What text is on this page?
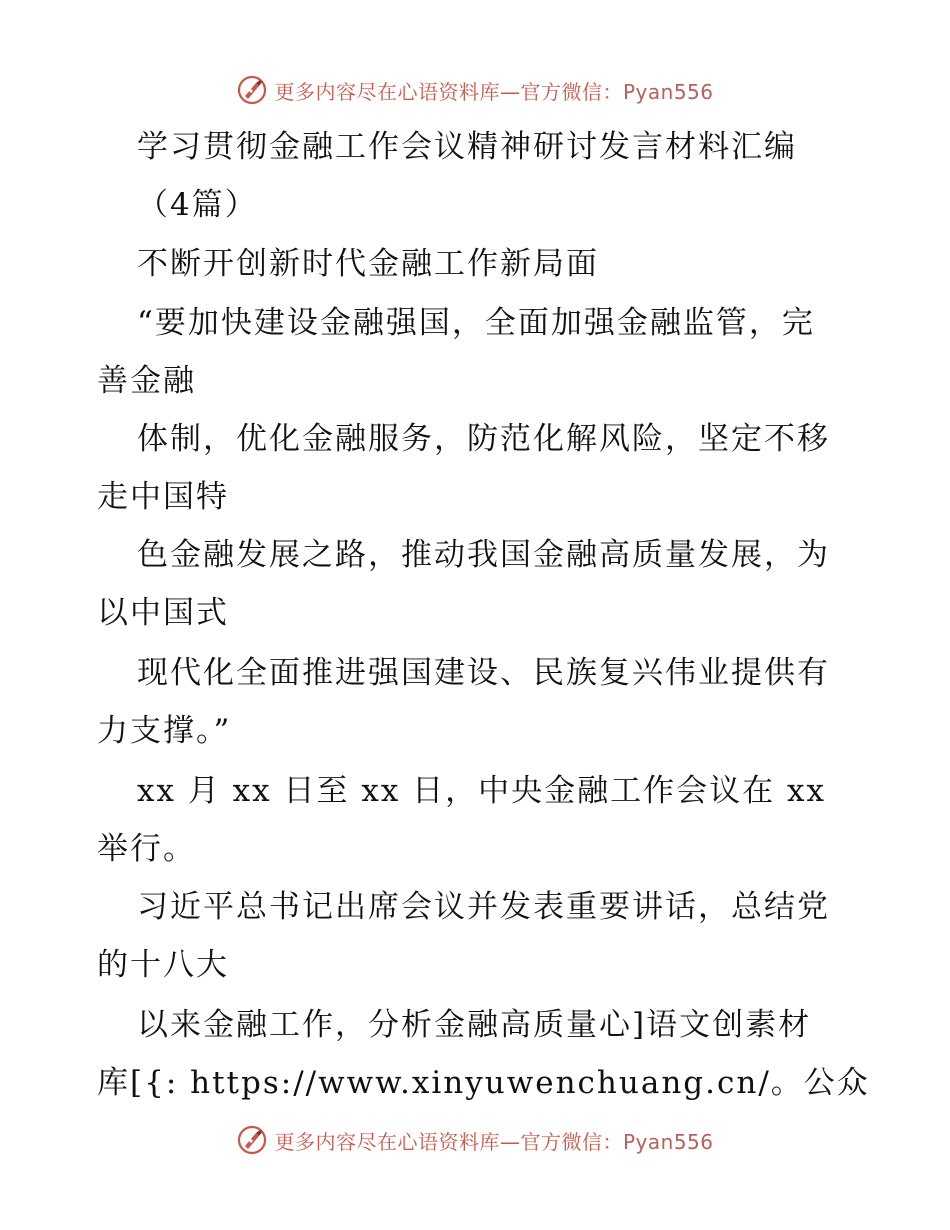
更多内容尽在心语资料库—官方微信：Pyan556
学习贯彻金融工作会议精神研讨发言材料汇编
（4篇）
不断开创新时代金融工作新局面
“要加快建设金融强国，全面加强金融监管，完
善金融
体制，优化金融服务，防范化解风险，坚定不移
走中国特
色金融发展之路，推动我国金融高质量发展，为
以中国式
现代化全面推进强国建设、民族复兴伟业提供有
力支撑。”
xx 月 xx 日至 xx 日，中央金融工作会议在 xx
举行。
习近平总书记出席会议并发表重要讲话，总结党
的十八大
以来金融工作，分析金融高质量心]语文创素材
库[{: https://www.xinyuwenchuang.cn/。公众
更多内容尽在心语资料库—官方微信：Pyan556
